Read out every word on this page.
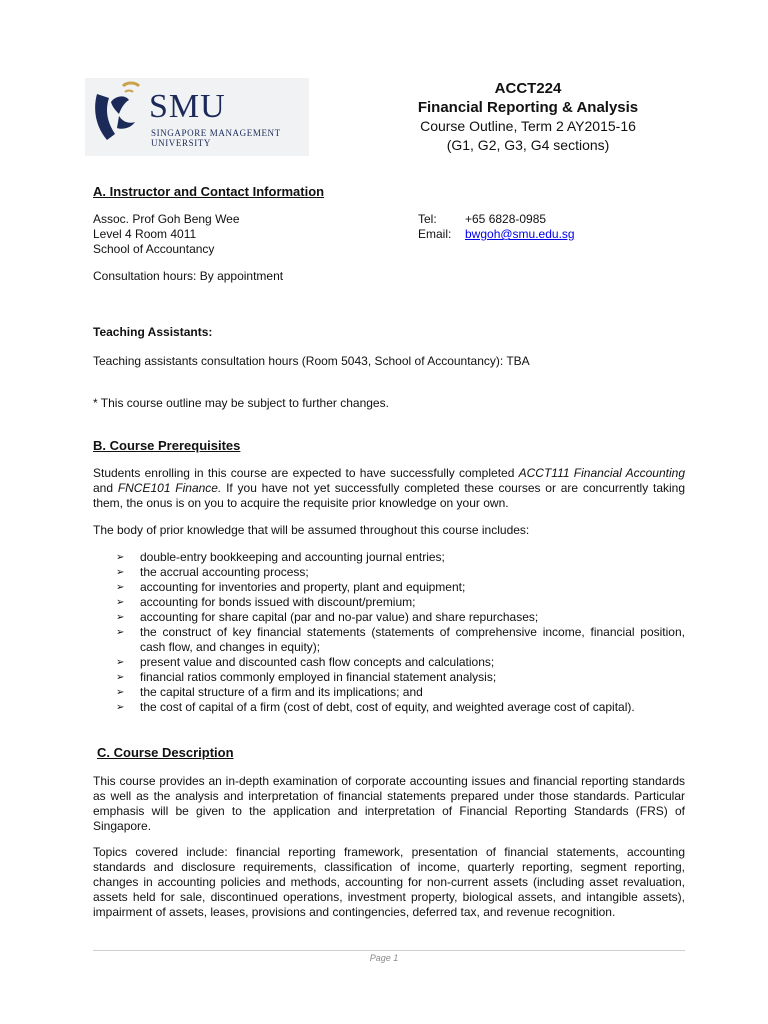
SMU
SINGAPORE MANAGEMENT
UNIVERSITY
ACCT224
Financial Reporting & Analysis
Course Outline, Term 2 AY2015-16
(G1, G2, G3, G4 sections)
A. Instructor and Contact Information
Assoc. Prof Goh Beng Wee
Level 4 Room 4011
School of Accountancy
Tel: +65 6828-0985
Email: bwgoh@smu.edu.sg
Consultation hours: By appointment
Teaching Assistants:
Teaching assistants consultation hours (Room 5043, School of Accountancy): TBA
* This course outline may be subject to further changes.
B. Course Prerequisites
Students enrolling in this course are expected to have successfully completed ACCT111 Financial Accounting and FNCE101 Finance. If you have not yet successfully completed these courses or are concurrently taking them, the onus is on you to acquire the requisite prior knowledge on your own.
The body of prior knowledge that will be assumed throughout this course includes:
➢	double-entry bookkeeping and accounting journal entries;
➢	the accrual accounting process;
➢	accounting for inventories and property, plant and equipment;
➢	accounting for bonds issued with discount/premium;
➢	accounting for share capital (par and no-par value) and share repurchases;
➢	the construct of key financial statements (statements of comprehensive income, financial position, cash flow, and changes in equity);
➢	present value and discounted cash flow concepts and calculations;
➢	financial ratios commonly employed in financial statement analysis;
➢	the capital structure of a firm and its implications; and
➢	the cost of capital of a firm (cost of debt, cost of equity, and weighted average cost of capital).
C. Course Description
This course provides an in-depth examination of corporate accounting issues and financial reporting standards as well as the analysis and interpretation of financial statements prepared under those standards. Particular emphasis will be given to the application and interpretation of Financial Reporting Standards (FRS) of Singapore.
Topics covered include: financial reporting framework, presentation of financial statements, accounting standards and disclosure requirements, classification of income, quarterly reporting, segment reporting, changes in accounting policies and methods, accounting for non-current assets (including asset revaluation, assets held for sale, discontinued operations, investment property, biological assets, and intangible assets), impairment of assets, leases, provisions and contingencies, deferred tax, and revenue recognition.
Page 1
